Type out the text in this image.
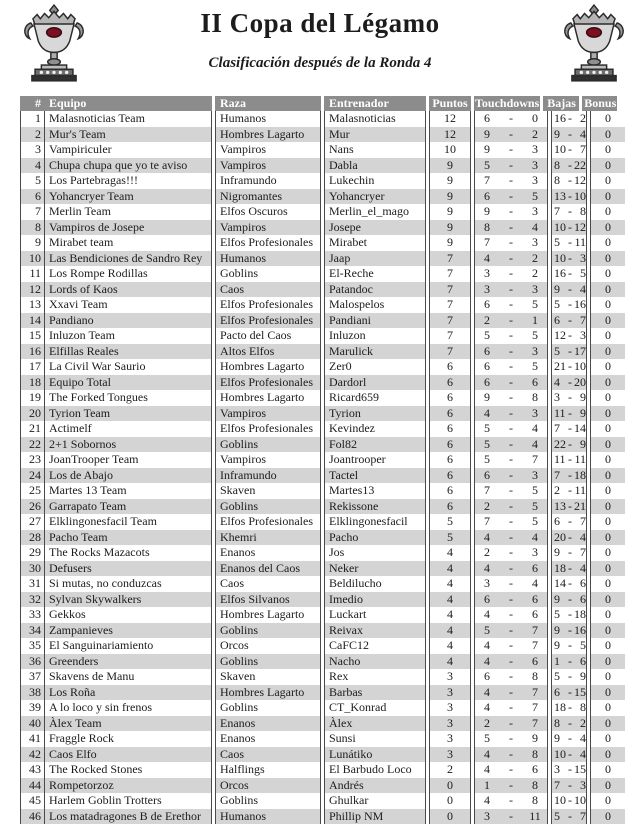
II Copa del Légamo
Clasificación después de la Ronda 4
# Equipo	Raza	Entrenador	Puntos Touchdowns Bajas Bonus
1 Malasnoticias Team	Humanos	Malasnoticias	12	6	-	0	16 - 2	0
2 Mur's Team	Hombres Lagarto	Mur	12	9	-	2	9 - 4	0
3 Vampiriculer	Vampiros	Nans	10	9	-	3	10 - 7	0
4 Chupa chupa que yo te aviso	Vampiros	Dabla	9	5	-	3	8 - 22	0
5 Los Partebragas!!!	Inframundo	Lukechin	9	7	-	3	8 - 12	0
6 Yohancryer Team	Nigromantes	Yohancryer	9	6	-	5	13 - 10	0
7 Merlin Team	Elfos Oscuros	Merlin_el_mago	9	9	-	3	7 - 8	0
8 Vampiros de Josepe	Vampiros	Josepe	9	8	-	4	10 - 12	0
9 Mirabet team	Elfos Profesionales	Mirabet	9	7	-	3	5 - 11	0
10 Las Bendiciones de Sandro Rey	Humanos	Jaap	7	4	-	2	10 - 3	0
11 Los Rompe Rodillas	Goblins	El-Reche	7	3	-	2	16 - 5	0
12 Lords of Kaos	Caos	Patandoc	7	3	-	3	9 - 4	0
13 Xxavi Team	Elfos Profesionales	Malospelos	7	6	-	5	5 - 16	0
14 Pandiano	Elfos Profesionales	Pandiani	7	2	-	1	6 - 7	0
15 Inluzon Team	Pacto del Caos	Inluzon	7	5	-	5	12 - 3	0
16 Elfillas Reales	Altos Elfos	Marulick	7	6	-	3	5 - 17	0
17 La Civil War Saurio	Hombres Lagarto	Zer0	6	6	-	5	21 - 10	0
18 Equipo Total	Elfos Profesionales	Dardorl	6	6	-	6	4 - 20	0
19 The Forked Tongues	Hombres Lagarto	Ricard659	6	9	-	8	3 - 9	0
20 Tyrion Team	Vampiros	Tyrion	6	4	-	3	11 - 9	0
21 Actimelf	Elfos Profesionales	Kevindez	6	5	-	4	7 - 14	0
22 2+1 Sobornos	Goblins	Fol82	6	5	-	4	22 - 9	0
23 JoanTrooper Team	Vampiros	Joantrooper	6	5	-	7	11 - 11	0
24 Los de Abajo	Inframundo	Tactel	6	6	-	3	7 - 18	0
25 Martes 13 Team	Skaven	Martes13	6	7	-	5	2 - 11	0
26 Garrapato Team	Goblins	Rekissone	6	2	-	5	13 - 21	0
27 Elklingonesfacil Team	Elfos Profesionales	Elklingonesfacil	5	7	-	5	6 - 7	0
28 Pacho Team	Khemri	Pacho	5	4	-	4	20 - 4	0
29 The Rocks Mazacots	Enanos	Jos	4	2	-	3	9 - 7	0
30 Defusers	Enanos del Caos	Neker	4	4	-	6	18 - 4	0
31 Si mutas, no conduzcas	Caos	Beldilucho	4	3	-	4	14 - 6	0
32 Sylvan Skywalkers	Elfos Silvanos	Imedio	4	6	-	6	9 - 6	0
33 Gekkos	Hombres Lagarto	Luckart	4	4	-	6	5 - 18	0
34 Zampanieves	Goblins	Reivax	4	5	-	7	9 - 16	0
35 El Sanguinariamiento	Orcos	CaFC12	4	4	-	7	9 - 5	0
36 Greenders	Goblins	Nacho	4	4	-	6	1 - 6	0
37 Skavens de Manu	Skaven	Rex	3	6	-	8	5 - 9	0
38 Los Roña	Hombres Lagarto	Barbas	3	4	-	7	6 - 15	0
39 A lo loco y sin frenos	Goblins	CT_Konrad	3	4	-	7	18 - 8	0
40 Àlex Team	Enanos	Àlex	3	2	-	7	8 - 2	0
41 Fraggle Rock	Enanos	Sunsi	3	5	-	9	9 - 4	0
42 Caos Elfo	Caos	Lunátiko	3	4	-	8	10 - 4	0
43 The Rocked Stones	Halflings	El Barbudo Loco	2	4	-	6	3 - 15	0
44 Rompetorzoz	Orcos	Andrés	0	1	-	8	7 - 3	0
45 Harlem Goblin Trotters	Goblins	Ghulkar	0	4	-	8	10 - 10	0
46 Los matadragones B de Erethor	Humanos	Phillip NM	0	3	-	11	5 - 7	0
